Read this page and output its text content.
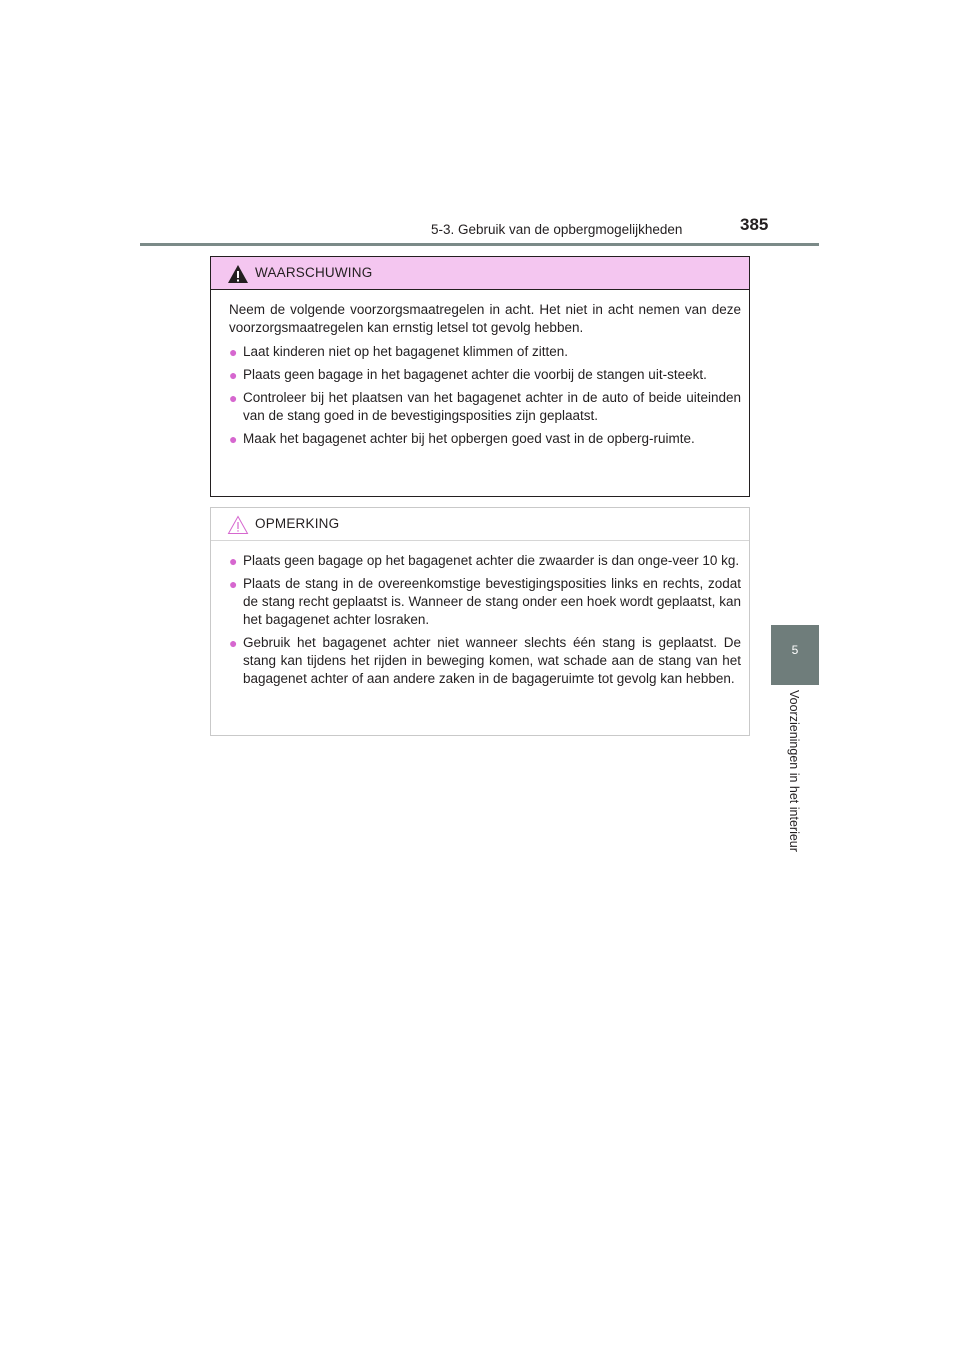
5-3. Gebruik van de opbergmogelijkheden	385
5
Voorzieningen in het interieur
WAARSCHUWING

Neem de volgende voorzorgsmaatregelen in acht. Het niet in acht nemen van deze voorzorgsmaatregelen kan ernstig letsel tot gevolg hebben.

● Laat kinderen niet op het bagagenet klimmen of zitten.
● Plaats geen bagage in het bagagenet achter die voorbij de stangen uit-steekt.
● Controleer bij het plaatsen van het bagagenet achter in de auto of beide uiteinden van de stang goed in de bevestigingsposities zijn geplaatst.
● Maak het bagagenet achter bij het opbergen goed vast in de opberg-ruimte.
OPMERKING
● Plaats geen bagage op het bagagenet achter die zwaarder is dan onge-veer 10 kg.
● Plaats de stang in de overeenkomstige bevestigingsposities links en rechts, zodat de stang recht geplaatst is. Wanneer de stang onder een hoek wordt geplaatst, kan het bagagenet achter losraken.
● Gebruik het bagagenet achter niet wanneer slechts één stang is geplaatst. De stang kan tijdens het rijden in beweging komen, wat schade aan de stang van het bagagenet achter of aan andere zaken in de bagageruimte tot gevolg kan hebben.
